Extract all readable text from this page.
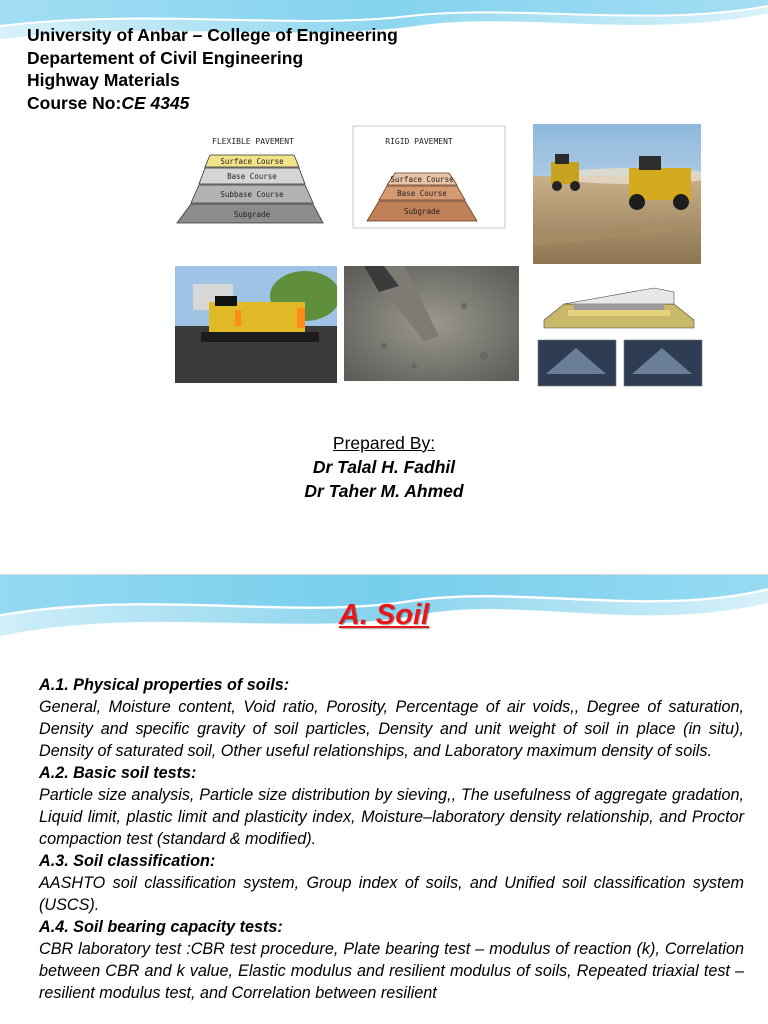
University of Anbar – College of Engineering
Departement of Civil Engineering
Highway Materials
Course No:CE 4345
FLEXIBLE PAVEMENT
Surface Course
Base Course
Subbase Course
Subgrade
RIGID PAVEMENT
Surface Course
Base Course
Subgrade
Prepared By:
Dr Talal H. Fadhil
Dr Taher M. Ahmed
A. Soil

A.1. Physical properties of soils:

General, Moisture content, Void ratio, Porosity, Percentage of air voids,, Degree of saturation, Density and specific gravity of soil particles, Density and unit weight of soil in place (in situ), Density of saturated soil, Other useful relationships, and Laboratory maximum density of soils.

A.2. Basic soil tests:

Particle size analysis, Particle size distribution by sieving,, The usefulness of aggregate gradation, Liquid limit, plastic limit and plasticity index, Moisture–laboratory density relationship, and Proctor compaction test (standard & modified).

A.3. Soil classification:

AASHTO soil classification system, Group index of soils, and Unified soil classification system (USCS).

A.4. Soil bearing capacity tests:

CBR laboratory test :CBR test procedure, Plate bearing test – modulus of reaction (k), Correlation between CBR and k value, Elastic modulus and resilient modulus of soils, Repeated triaxial test – resilient modulus test, and Correlation between resilient
